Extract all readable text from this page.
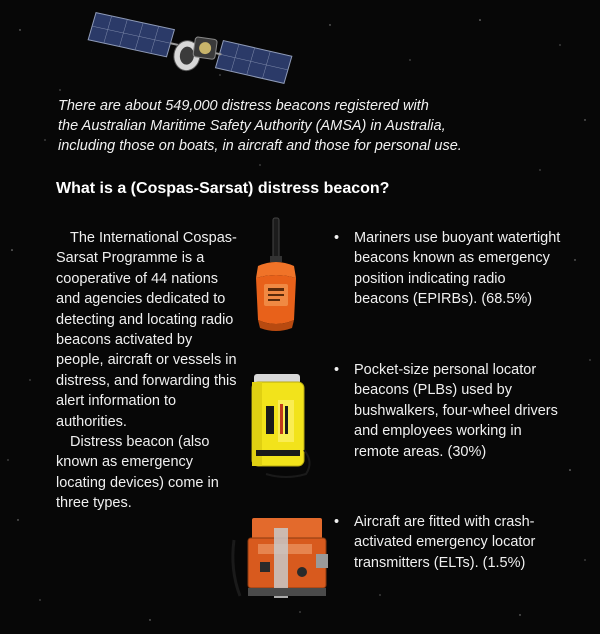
There are about 549,000 distress beacons registered with

the Australian Maritime Safety Authority (AMSA) in Australia,

including those on boats, in aircraft and those for personal use.

What is a (Cospas-Sarsat) distress beacon?

The International Cospas-Sarsat Programme is a cooperative of 44 nations and agencies dedicated to detecting and locating radio beacons activated by people, aircraft or vessels in distress, and forwarding this alert information to authorities.

Distress beacon (also known as emergency locating devices) come in three types.

• Mariners use buoyant watertight beacons known as emergency position indicating radio beacons (EPIRBs). (68.5%)
• Pocket-size personal locator beacons (PLBs) used by bushwalkers, four-wheel drivers and employees working in remote areas. (30%)
• Aircraft are fitted with crash-activated emergency locator transmitters (ELTs). (1.5%)
